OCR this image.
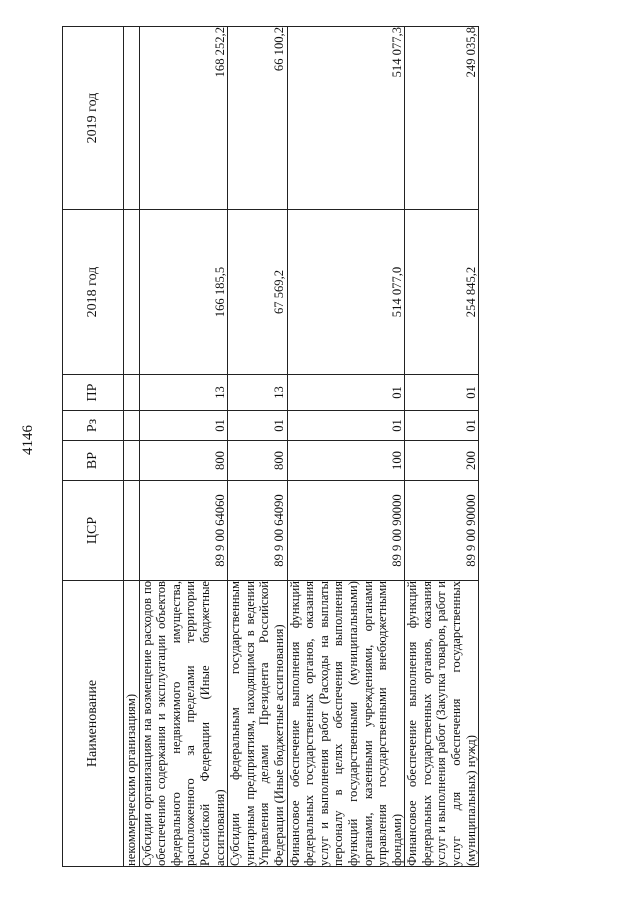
4146
Наименование	ЦСР	ВР	Рз	ПР	2018 год	2019 год
некоммерческим организациям)						
Субсидии организациям на возмещение расходов по обеспечению содержания и эксплуатации объектов федерального недвижимого имущества, расположенного за пределами территории Российской Федерации (Иные бюджетные ассигнования)	89 9 00 64060	800	01	13	166 185,5	168 252,2
Субсидии федеральным государственным унитарным предприятиям, находящимся в ведении Управления делами Президента Российской Федерации (Иные бюджетные ассигнования)	89 9 00 64090	800	01	13	67 569,2	66 100,2
Финансовое обеспечение выполнения функций федеральных государственных органов, оказания услуг и выполнения работ (Расходы на выплаты персоналу в целях обеспечения выполнения функций государственными (муниципальными) органами, казенными учреждениями, органами управления государственными внебюджетными фондами)	89 9 00 90000	100	01	01	514 077,0	514 077,3
Финансовое обеспечение выполнения функций федеральных государственных органов, оказания услуг и выполнения работ (Закупка товаров, работ и услуг для обеспечения государственных (муниципальных) нужд)	89 9 00 90000	200	01	01	254 845,2	249 035,8
